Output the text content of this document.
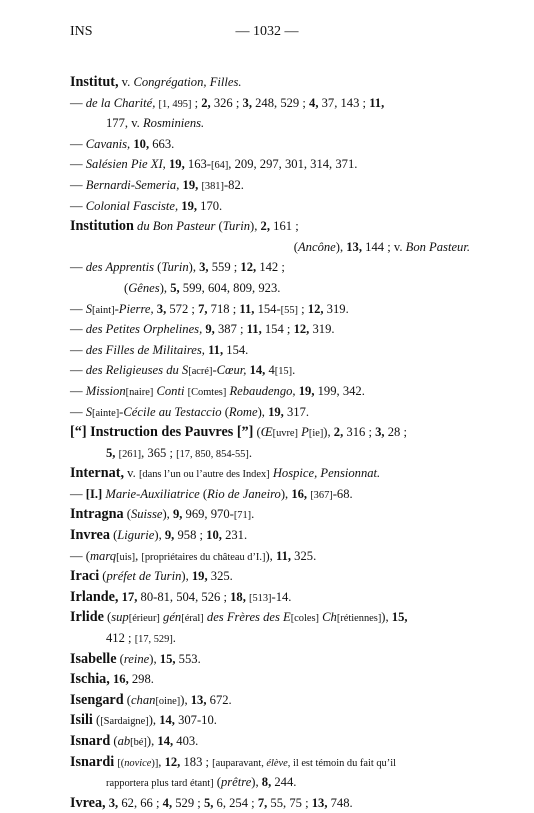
INS	— 1032 —
Institut, v. Congrégation, Filles.
— de la Charité, [1, 495] ; 2, 326 ; 3, 248, 529 ; 4, 37, 143 ; 11,
177, v. Rosminiens.
— Cavanis, 10, 663.
— Salésien Pie XI, 19, 163-[64], 209, 297, 301, 314, 371.
— Bernardi-Semeria, 19, [381]-82.
— Colonial Fasciste, 19, 170.
Institution du Bon Pasteur (Turin), 2, 161 ;
(Ancône), 13, 144 ; v. Bon Pasteur.
— des Apprentis (Turin), 3, 559 ; 12, 142 ;
(Gênes), 5, 599, 604, 809, 923.
— S[aint]-Pierre, 3, 572 ; 7, 718 ; 11, 154-[55] ; 12, 319.
— des Petites Orphelines, 9, 387 ; 11, 154 ; 12, 319.
— des Filles de Militaires, 11, 154.
— des Religieuses du S[acré]-Cœur, 14, 4[15].
— Mission[naire] Conti [Comtes] Rebaudengo, 19, 199, 342.
— S[ainte]-Cécile au Testaccio (Rome), 19, 317.
[“] Instruction des Pauvres [”] (Œ[uvre] P[ie]), 2, 316 ; 3, 28 ;
5, [261], 365 ; [17, 850, 854-55].
Internat, v. [dans l’un ou l’autre des Index] Hospice, Pensionnat.
— [I.] Marie-Auxiliatrice (Rio de Janeiro), 16, [367]-68.
Intragna (Suisse), 9, 969, 970-[71].
Invrea (Ligurie), 9, 958 ; 10, 231.
— (marq[uis], [propriétaires du château d’I.]), 11, 325.
Iraci (préfet de Turin), 19, 325.
Irlande, 17, 80-81, 504, 526 ; 18, [513]-14.
Irlide (sup[érieur] gén[éral] des Frères des E[coles] Ch[rétiennes]), 15,
412 ; [17, 529].
Isabelle (reine), 15, 553.
Ischia, 16, 298.
Isengard (chan[oine]), 13, 672.
Isili ([Sardaigne]), 14, 307-10.
Isnard (ab[bé]), 14, 403.
Isnardi [(novice)], 12, 183 ; [auparavant, élève, il est témoin du fait qu’il
rapportera plus tard étant] (prêtre), 8, 244.
Ivrea, 3, 62, 66 ; 4, 529 ; 5, 6, 254 ; 7, 55, 75 ; 13, 748.
